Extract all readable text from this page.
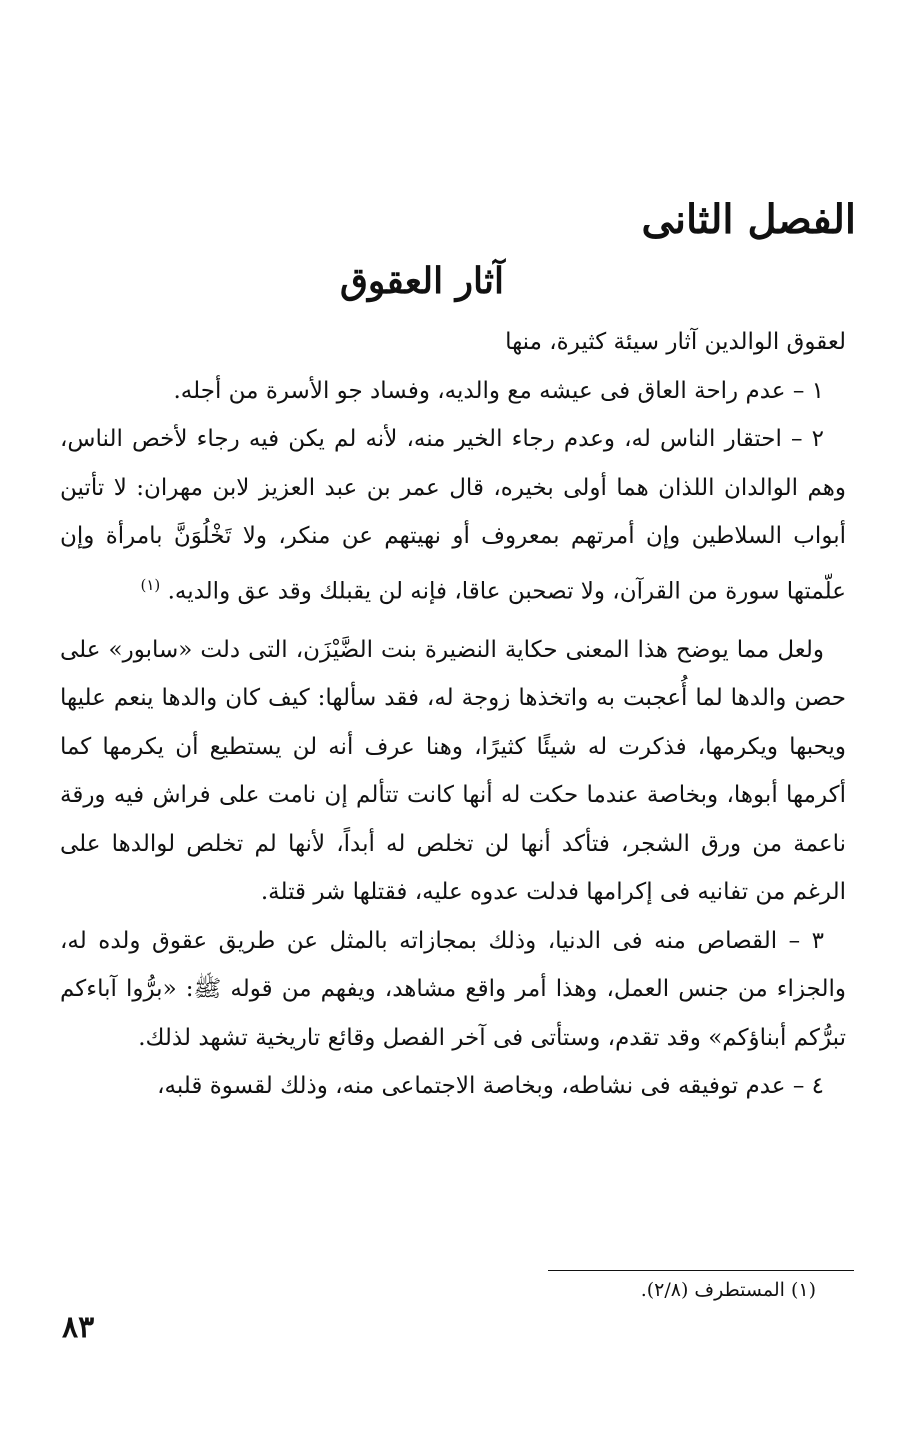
الفصل الثانى
آثار العقوق

لعقوق الوالدين آثار سيئة كثيرة، منها

١ – عدم راحة العاق فى عيشه مع والديه، وفساد جو الأسرة من أجله.

٢ – احتقار الناس له، وعدم رجاء الخير منه، لأنه لم يكن فيه رجاء لأخص الناس، وهم الوالدان اللذان هما أولى بخيره، قال عمر بن عبد العزيز لابن مهران: لا تأتين أبواب السلاطين وإن أمرتهم بمعروف أو نهيتهم عن منكر، ولا تَخْلُوَنَّ بامرأة وإن علّمتها سورة من القرآن، ولا تصحبن عاقا، فإنه لن يقبلك وقد عق والديه. $^{(١)}$

ولعل مما يوضح هذا المعنى حكاية النضيرة بنت الضَّيْزَن، التى دلت «سابور» على حصن والدها لما أُعجبت به واتخذها زوجة له، فقد سألها: كيف كان والدها ينعم عليها ويحبها ويكرمها، فذكرت له شيئًا كثيرًا، وهنا عرف أنه لن يستطيع أن يكرمها كما أكرمها أبوها، وبخاصة عندما حكت له أنها كانت تتألم إن نامت على فراش فيه ورقة ناعمة من ورق الشجر، فتأكد أنها لن تخلص له أبداً، لأنها لم تخلص لوالدها على الرغم من تفانيه فى إكرامها فدلت عدوه عليه، فقتلها شر قتلة.

٣ – القصاص منه فى الدنيا، وذلك بمجازاته بالمثل عن طريق عقوق ولده له، والجزاء من جنس العمل، وهذا أمر واقع مشاهد، ويفهم من قوله ﷺ: «برُّوا آباءكم تبرُّكم أبناؤكم» وقد تقدم، وستأتى فى آخر الفصل وقائع تاريخية تشهد لذلك.

٤ – عدم توفيقه فى نشاطه، وبخاصة الاجتماعى منه، وذلك لقسوة قلبه،

(١) المستطرف (٢/٨).
٨٣
